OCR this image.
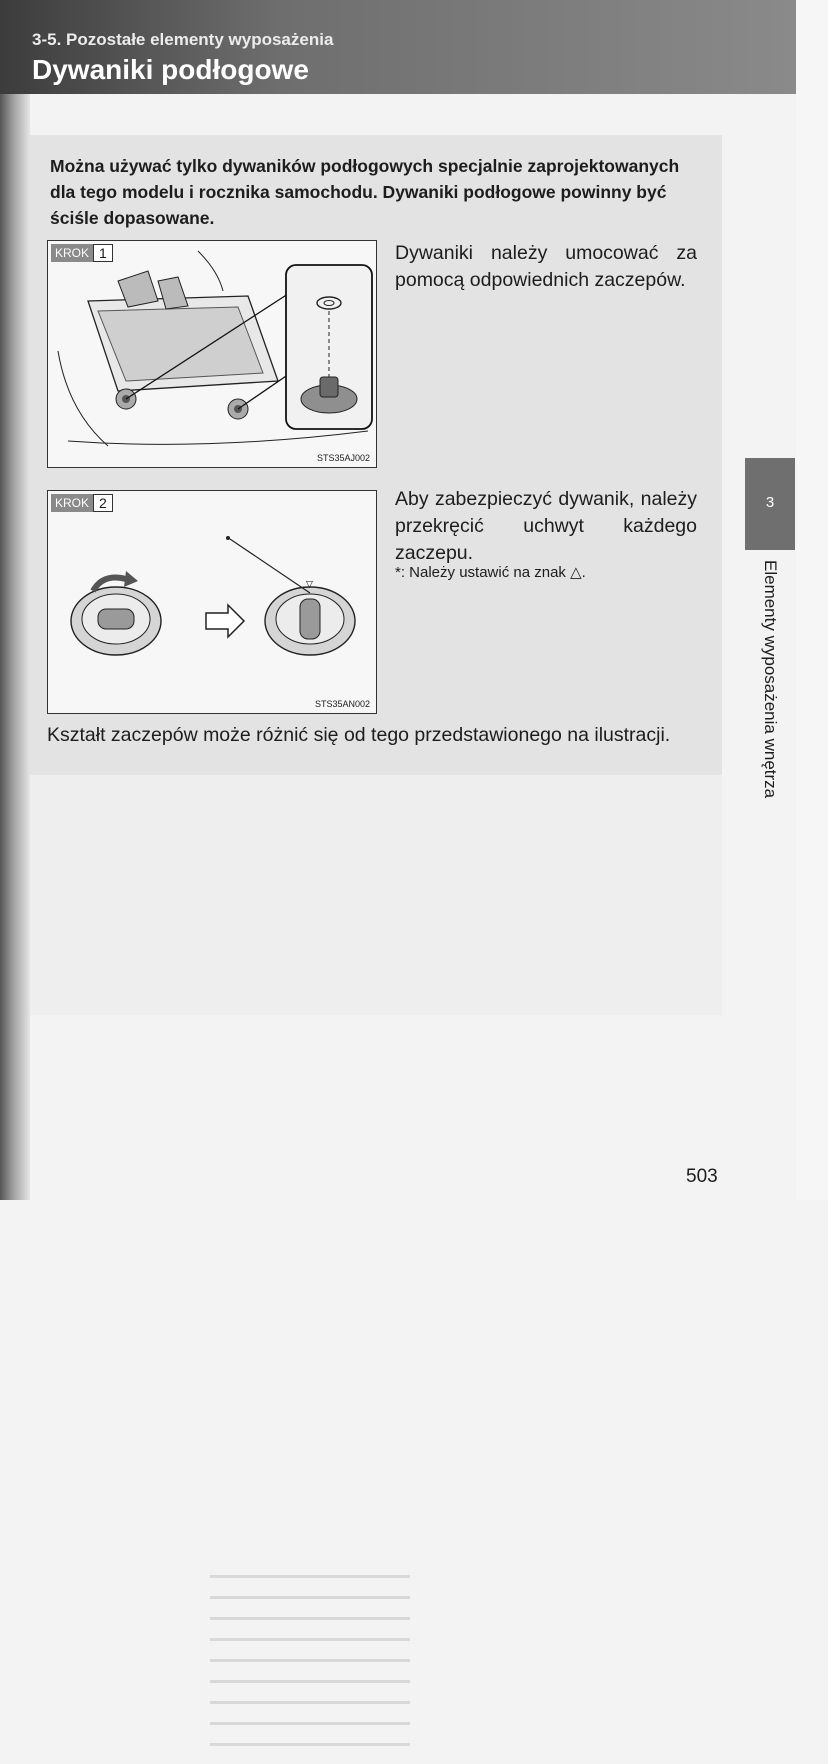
3-5. Pozostałe elementy wyposażenia
Dywaniki podłogowe
Można używać tylko dywaników podłogowych specjalnie zaprojektowanych dla tego modelu i rocznika samochodu. Dywaniki podłogowe powinny być ściśle dopasowane.
KROK 1
STS35AJ002
Dywaniki należy umocować za pomocą odpowiednich zaczepów.
▽
KROK 2
STS35AN002
Aby zabezpieczyć dywanik, należy przekręcić uchwyt każdego zaczepu.
*: Należy ustawić na znak △.
Kształt zaczepów może różnić się od tego przedstawionego na ilustracji.
3
Elementy wyposażenia wnętrza
503
